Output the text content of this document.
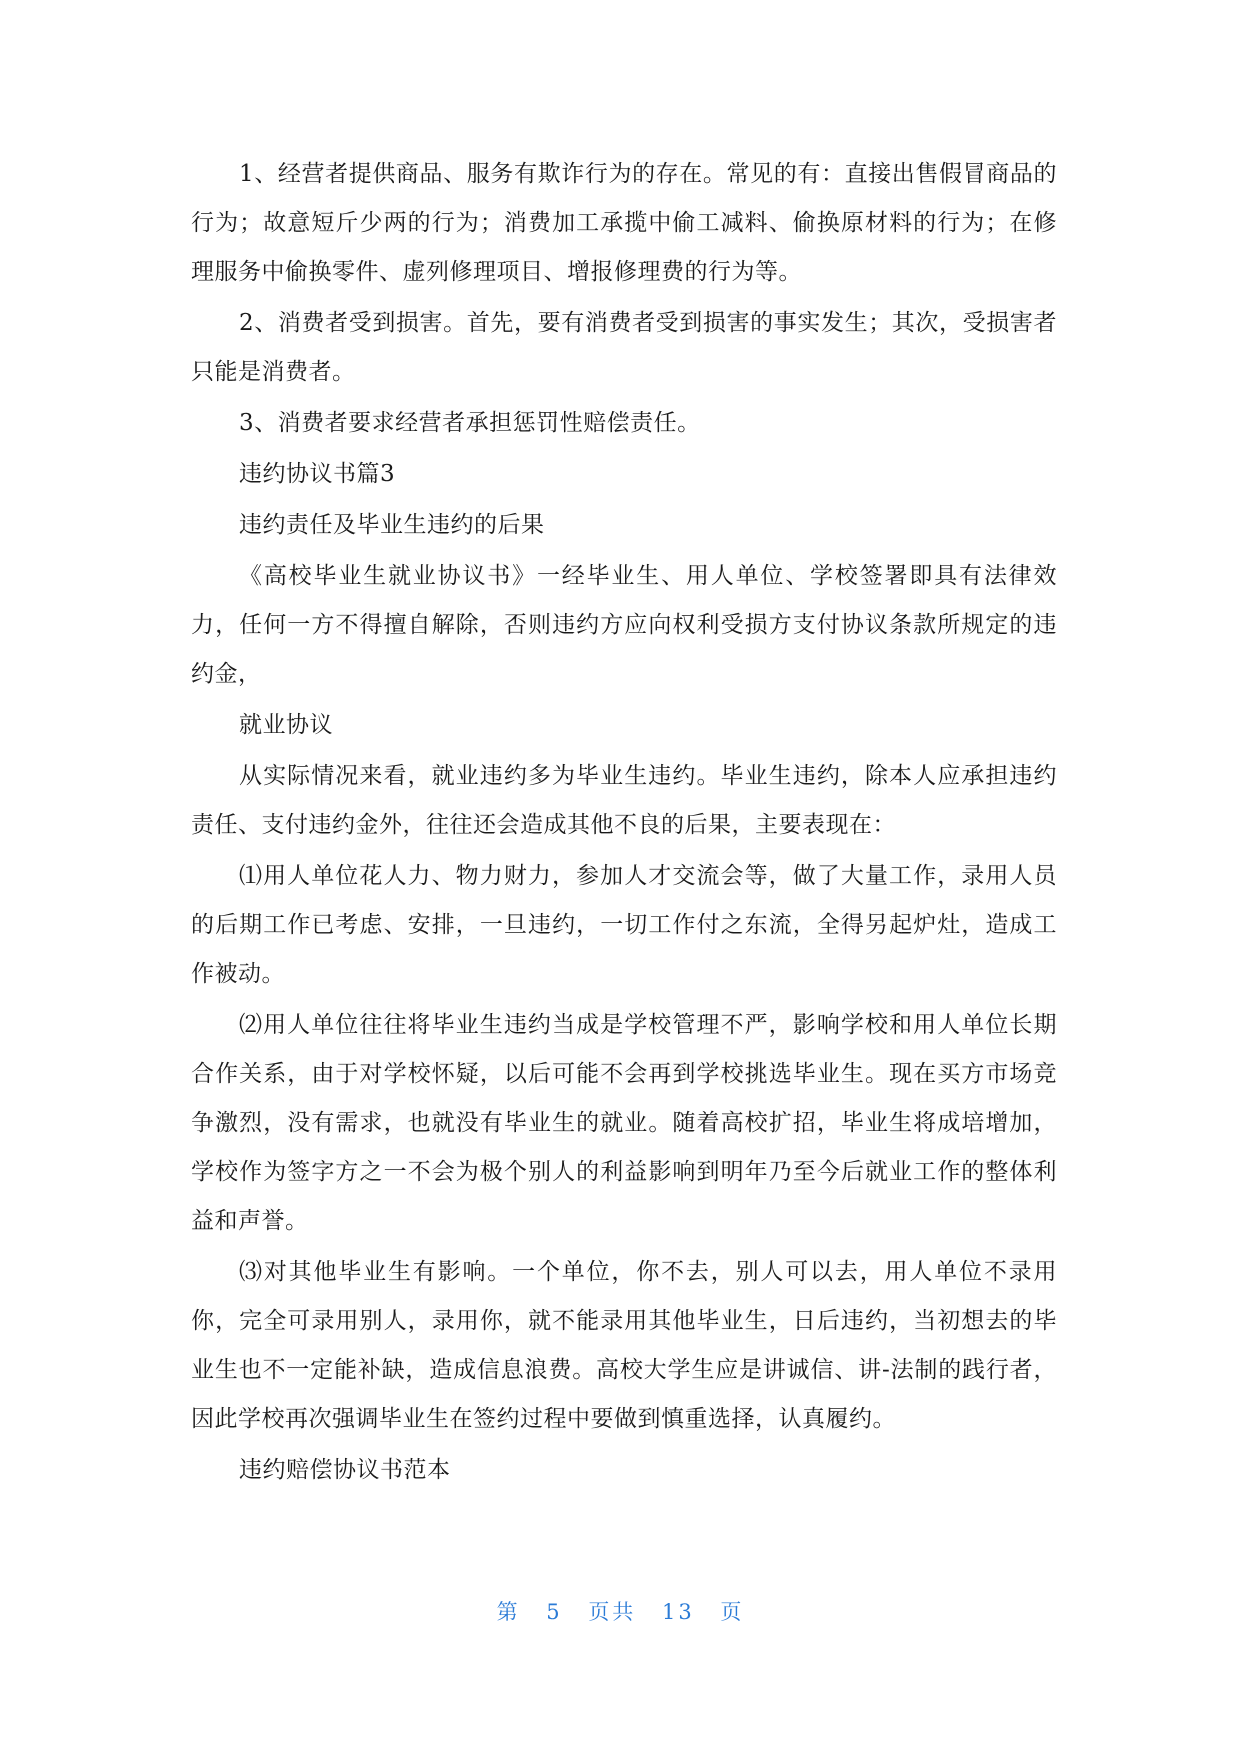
1、经营者提供商品、服务有欺诈行为的存在。常见的有：直接出售假冒商品的行为；故意短斤少两的行为；消费加工承揽中偷工减料、偷换原材料的行为；在修理服务中偷换零件、虚列修理项目、增报修理费的行为等。

2、消费者受到损害。首先，要有消费者受到损害的事实发生；其次，受损害者只能是消费者。

3、消费者要求经营者承担惩罚性赔偿责任。

违约协议书篇3

违约责任及毕业生违约的后果

《高校毕业生就业协议书》一经毕业生、用人单位、学校签署即具有法律效力，任何一方不得擅自解除，否则违约方应向权利受损方支付协议条款所规定的违约金，

就业协议

从实际情况来看，就业违约多为毕业生违约。毕业生违约，除本人应承担违约责任、支付违约金外，往往还会造成其他不良的后果，主要表现在：

⑴用人单位花人力、物力财力，参加人才交流会等，做了大量工作，录用人员的后期工作已考虑、安排，一旦违约，一切工作付之东流，全得另起炉灶，造成工作被动。

⑵用人单位往往将毕业生违约当成是学校管理不严，影响学校和用人单位长期合作关系，由于对学校怀疑，以后可能不会再到学校挑选毕业生。现在买方市场竞争激烈，没有需求，也就没有毕业生的就业。随着高校扩招，毕业生将成培增加，学校作为签字方之一不会为极个别人的利益影响到明年乃至今后就业工作的整体利益和声誉。

⑶对其他毕业生有影响。一个单位，你不去，别人可以去，用人单位不录用你，完全可录用别人，录用你，就不能录用其他毕业生，日后违约，当初想去的毕业生也不一定能补缺，造成信息浪费。高校大学生应是讲诚信、讲-法制的践行者，因此学校再次强调毕业生在签约过程中要做到慎重选择，认真履约。

违约赔偿协议书范本

第 5 页共 13 页
